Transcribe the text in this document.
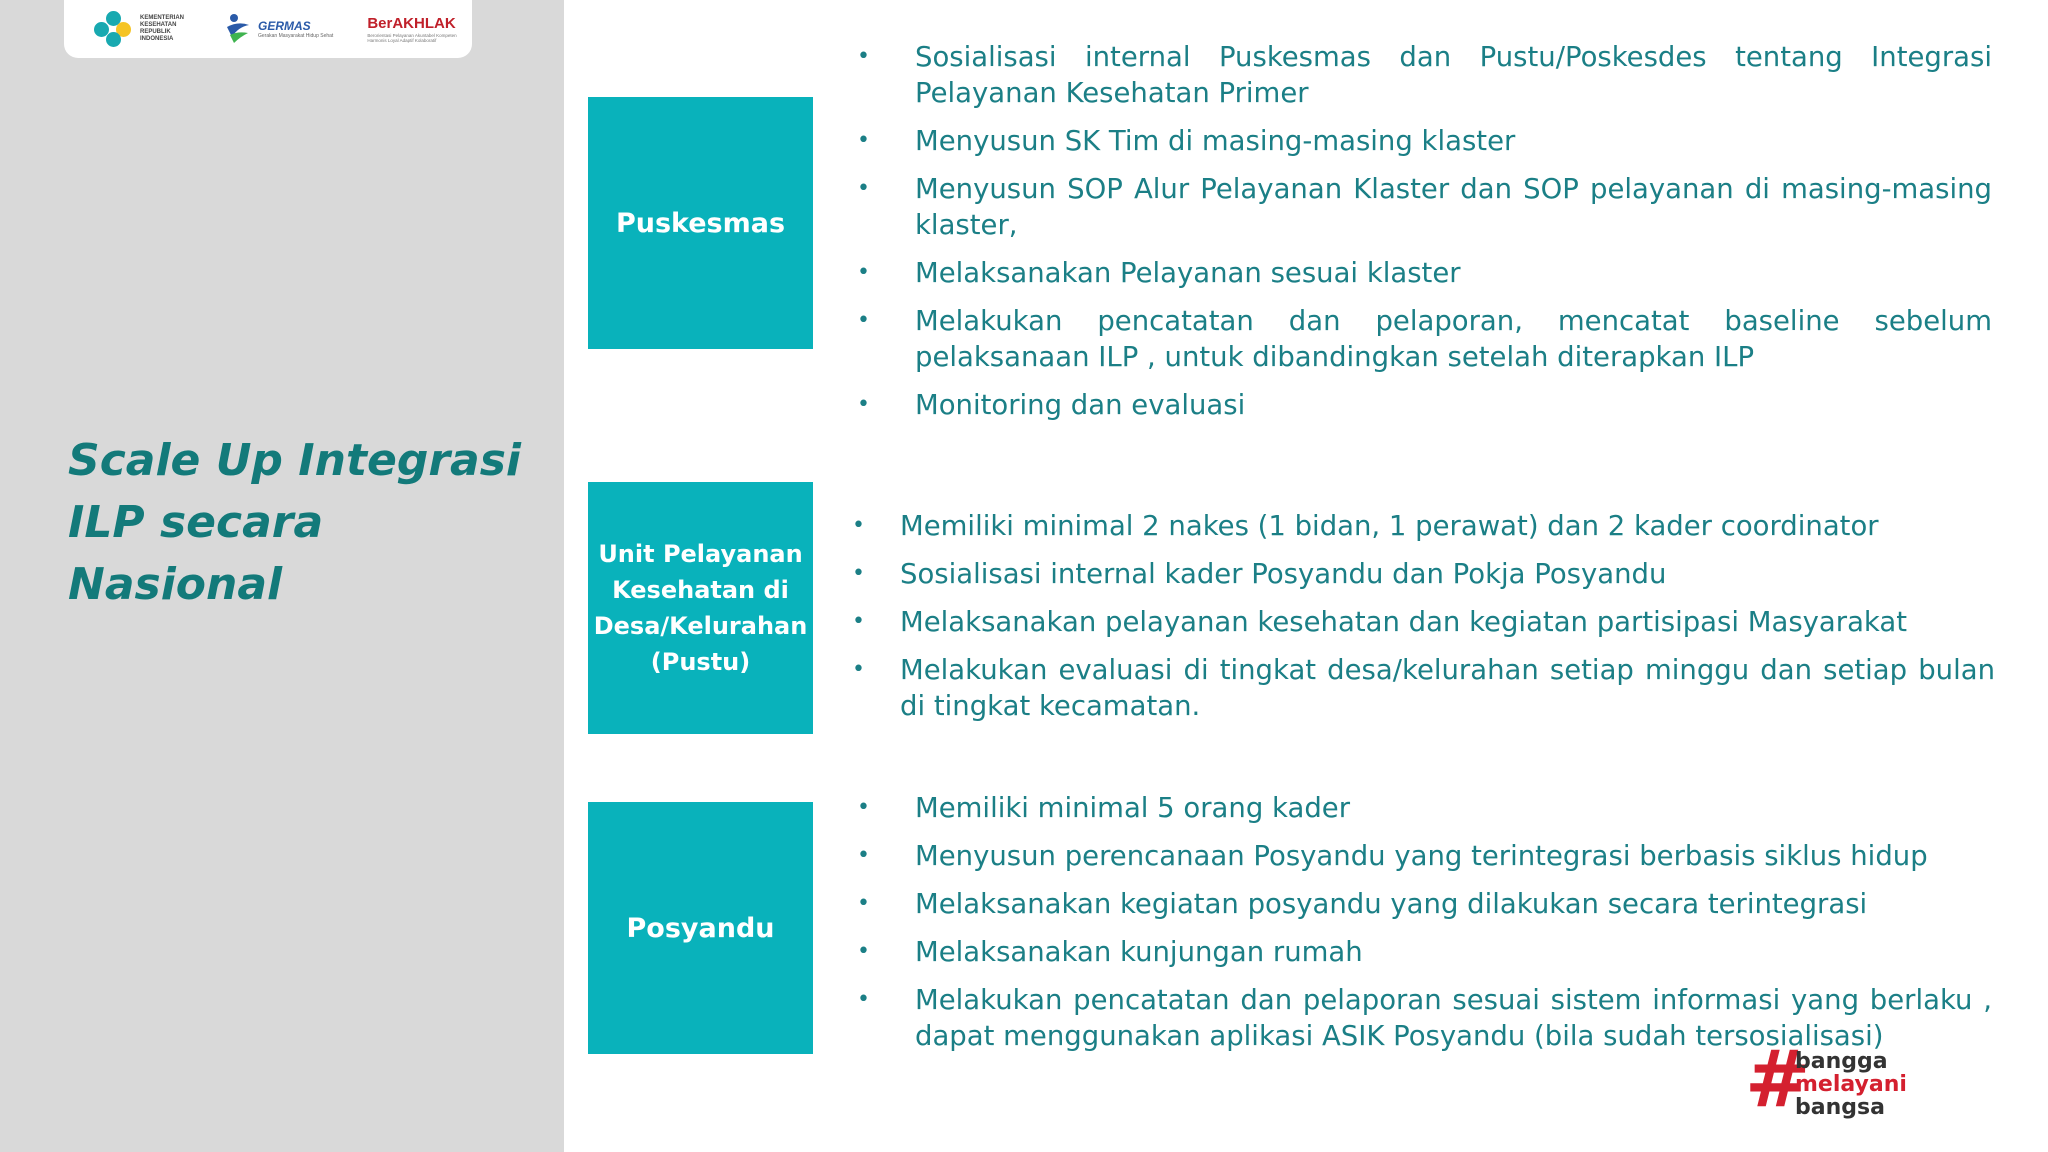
KEMENTERIAN KESEHATAN REPUBLIK INDONESIA
GERMAS
Gerakan Masyarakat Hidup Sehat
BerAKHLAK
Berorientasi Pelayanan Akuntabel Kompeten Harmonis Loyal Adaptif Kolaboratif
Scale Up Integrasi
ILP secara Nasional
Puskesmas
• Sosialisasi internal Puskesmas dan Pustu/Poskesdes tentang Integrasi Pelayanan Kesehatan Primer
• Menyusun SK Tim di masing-masing klaster
• Menyusun SOP Alur Pelayanan Klaster dan SOP pelayanan di masing-masing klaster,
• Melaksanakan Pelayanan sesuai klaster
• Melakukan pencatatan dan pelaporan, mencatat baseline sebelum pelaksanaan ILP , untuk dibandingkan setelah diterapkan ILP
• Monitoring dan evaluasi
Unit Pelayanan Kesehatan di Desa/Kelurahan (Pustu)
• Memiliki minimal 2 nakes (1 bidan, 1 perawat) dan 2 kader coordinator
• Sosialisasi internal kader Posyandu dan Pokja Posyandu
• Melaksanakan pelayanan kesehatan dan kegiatan partisipasi Masyarakat
• Melakukan evaluasi di tingkat desa/kelurahan setiap minggu dan setiap bulan di tingkat kecamatan.
Posyandu
• Memiliki minimal 5 orang kader
• Menyusun perencanaan Posyandu yang terintegrasi berbasis siklus hidup
• Melaksanakan kegiatan posyandu yang dilakukan secara terintegrasi
• Melaksanakan kunjungan rumah
• Melakukan pencatatan dan pelaporan sesuai sistem informasi yang berlaku , dapat menggunakan aplikasi ASIK Posyandu (bila sudah tersosialisasi)
#
bangga
melayani
bangsa
